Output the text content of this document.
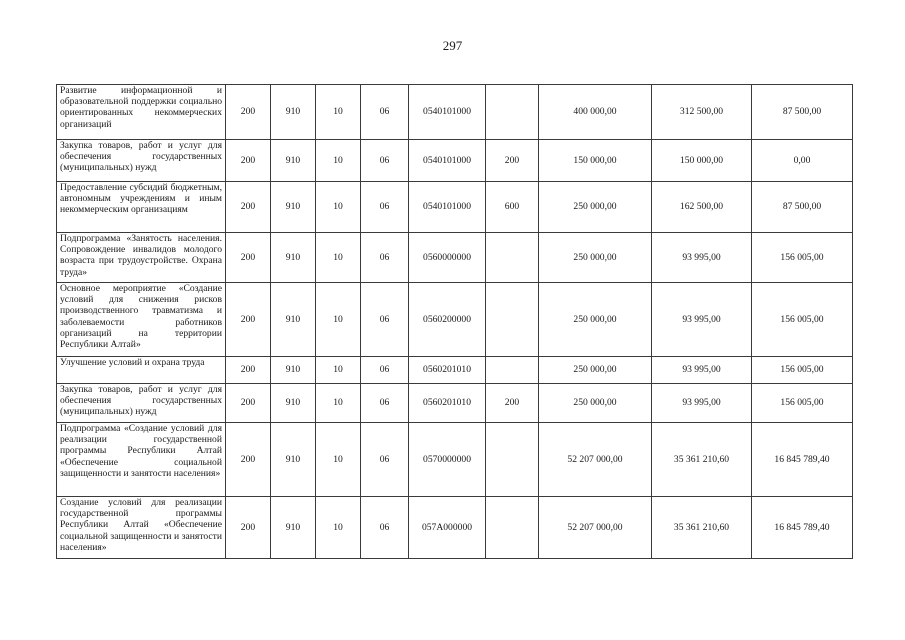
297
Развитие информационной и образовательной поддержки социально ориентированных некоммерческих организаций	200	910	10	06	0540101000		400 000,00	312 500,00	87 500,00
Закупка товаров, работ и услуг для обеспечения государственных (муниципальных) нужд	200	910	10	06	0540101000	200	150 000,00	150 000,00	0,00
Предоставление субсидий бюджетным, автономным учреждениям и иным некоммерческим организациям	200	910	10	06	0540101000	600	250 000,00	162 500,00	87 500,00
Подпрограмма «Занятость населения. Сопровождение инвалидов молодого возраста при трудоустройстве. Охрана труда»	200	910	10	06	0560000000		250 000,00	93 995,00	156 005,00
Основное мероприятие «Создание условий для снижения рисков производственного травматизма и заболеваемости работников организаций на территории Республики Алтай»	200	910	10	06	0560200000		250 000,00	93 995,00	156 005,00
Улучшение условий и охрана труда	200	910	10	06	0560201010		250 000,00	93 995,00	156 005,00
Закупка товаров, работ и услуг для обеспечения государственных (муниципальных) нужд	200	910	10	06	0560201010	200	250 000,00	93 995,00	156 005,00
Подпрограмма «Создание условий для реализации государственной программы Республики Алтай «Обеспечение социальной защищенности и занятости населения»	200	910	10	06	0570000000		52 207 000,00	35 361 210,60	16 845 789,40
Создание условий для реализации государственной программы Республики Алтай «Обеспечение социальной защищенности и занятости населения»	200	910	10	06	057А000000		52 207 000,00	35 361 210,60	16 845 789,40
